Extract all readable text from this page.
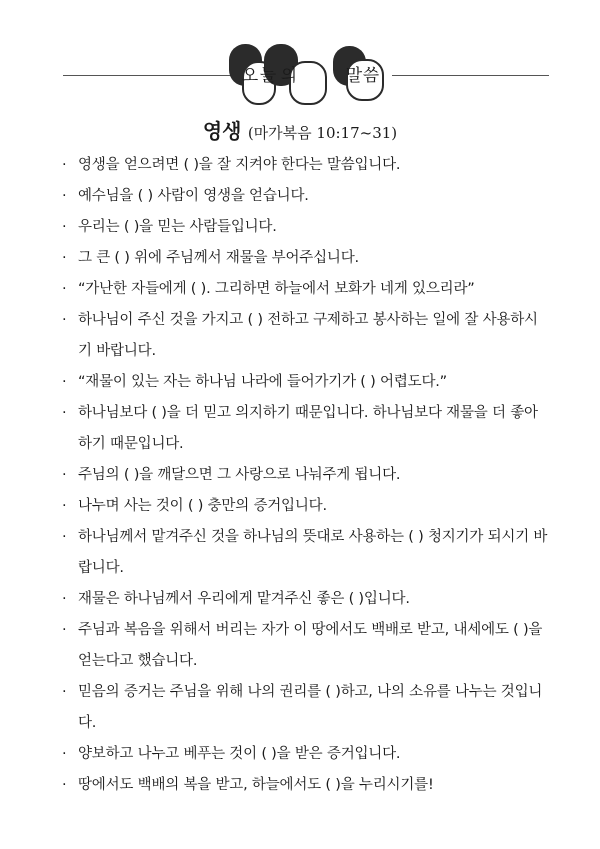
오 늘 의	말 씀
영생 (마가복음 10:17~31)
· 영생을 얻으려면 ( )을 잘 지켜야 한다는 말씀입니다.
· 예수님을 ( ) 사람이 영생을 얻습니다.
· 우리는 ( )을 믿는 사람들입니다.
· 그 큰 ( ) 위에 주님께서 재물을 부어주십니다.
· “가난한 자들에게 ( ). 그리하면 하늘에서 보화가 네게 있으리라”
· 하나님이 주신 것을 가지고 ( ) 전하고 구제하고 봉사하는 일에 잘 사용하시기 바랍니다.
· “재물이 있는 자는 하나님 나라에 들어가기가 ( ) 어렵도다.”
· 하나님보다 ( )을 더 믿고 의지하기 때문입니다. 하나님보다 재물을 더 좋아하기 때문입니다.
· 주님의 ( )을 깨달으면 그 사랑으로 나눠주게 됩니다.
· 나누며 사는 것이 ( ) 충만의 증거입니다.
· 하나님께서 맡겨주신 것을 하나님의 뜻대로 사용하는 ( ) 청지기가 되시기 바랍니다.
· 재물은 하나님께서 우리에게 맡겨주신 좋은 ( )입니다.
· 주님과 복음을 위해서 버리는 자가 이 땅에서도 백배로 받고, 내세에도 ( )을 얻는다고 했습니다.
· 믿음의 증거는 주님을 위해 나의 권리를 ( )하고, 나의 소유를 나누는 것입니다.
· 양보하고 나누고 베푸는 것이 ( )을 받은 증거입니다.
· 땅에서도 백배의 복을 받고, 하늘에서도 ( )을 누리시기를!
